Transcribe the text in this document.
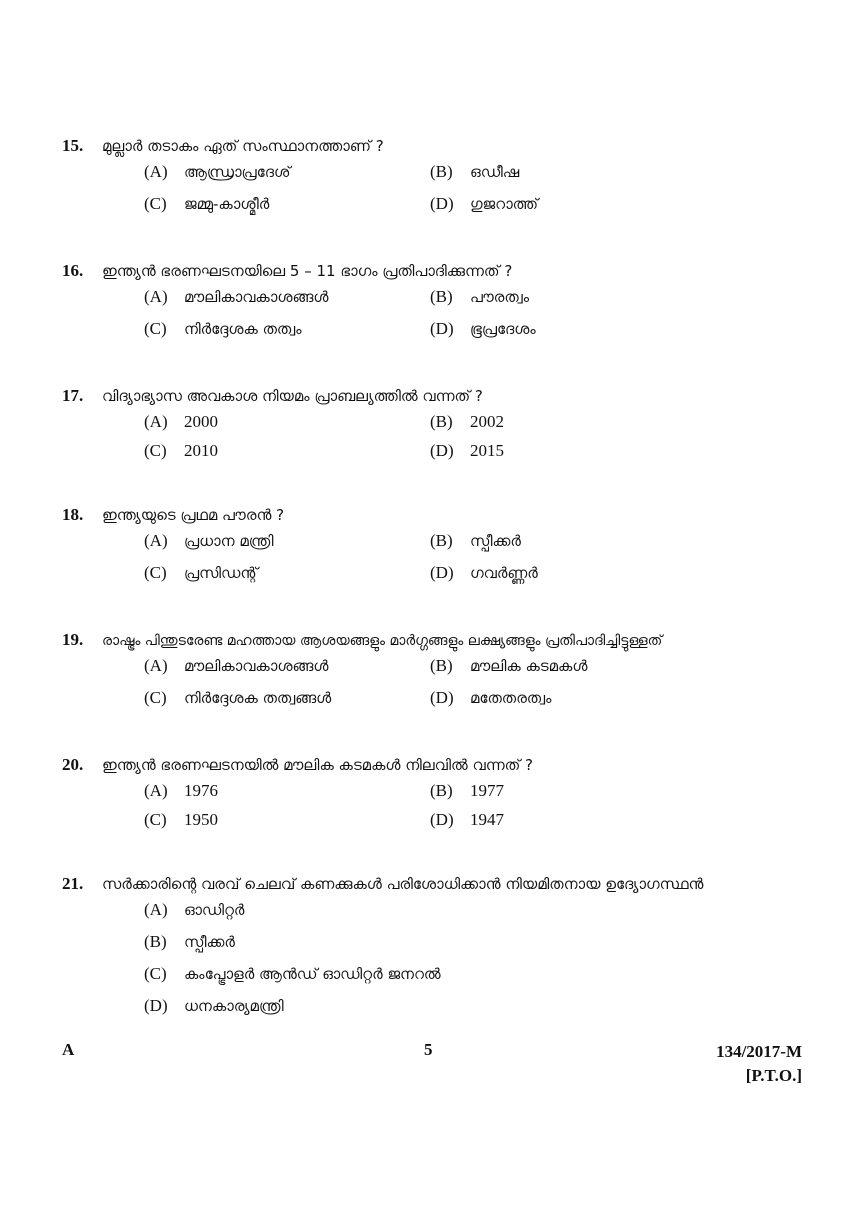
15.	മുല്ലാർ തടാകം ഏത് സംസ്ഥാനത്താണ് ?
(A)	ആന്ധ്രാപ്രദേശ്	(B)	ഒഡീഷ
(C)	ജമ്മു-കാശ്മീർ	(D)	ഗുജറാത്ത്
16.	ഇന്ത്യൻ ഭരണഘടനയിലെ 5 – 11 ഭാഗം പ്രതിപാദിക്കുന്നത് ?
(A)	മൗലികാവകാശങ്ങൾ	(B)	പൗരത്വം
(C)	നിർദ്ദേശക തത്വം	(D)	ഭൂപ്രദേശം
17.	വിദ്യാഭ്യാസ അവകാശ നിയമം പ്രാബല്യത്തിൽ വന്നത് ?
(A) 2000	(B)	2002
(C)	2010	(D) 2015
18.	ഇന്ത്യയുടെ പ്രഥമ പൗരൻ ?
(A)	പ്രധാന മന്ത്രി	(B)	സ്പീക്കർ
(C)	പ്രസിഡന്റ്	(D)	ഗവർണ്ണർ
19.	രാഷ്ട്രം പിന്തുടരേണ്ട മഹത്തായ ആശയങ്ങളും മാർഗ്ഗങ്ങളും ലക്ഷ്യങ്ങളും പ്രതിപാദിച്ചിട്ടുള്ളത്
(A)	മൗലികാവകാശങ്ങൾ	(B)	മൗലിക കടമകൾ
(C)	നിർദ്ദേശക തത്വങ്ങൾ	(D)	മതേതരത്വം
20.	ഇന്ത്യൻ ഭരണഘടനയിൽ മൗലിക കടമകൾ നിലവിൽ വന്നത് ?
(A) 1976	(B)	1977
(C)	1950	(D) 1947
21.	സർക്കാരിന്റെ വരവ് ചെലവ് കണക്കുകൾ പരിശോധിക്കാൻ നിയമിതനായ ഉദ്യോഗസ്ഥൻ
(A)	ഓഡിറ്റർ
(B)	സ്പീക്കർ
(C)	കംപ്ട്രോളർ ആൻഡ് ഓഡിറ്റർ ജനറൽ
(D)	ധനകാര്യമന്ത്രി
A	5	134/2017-M
[P.T.O.]
